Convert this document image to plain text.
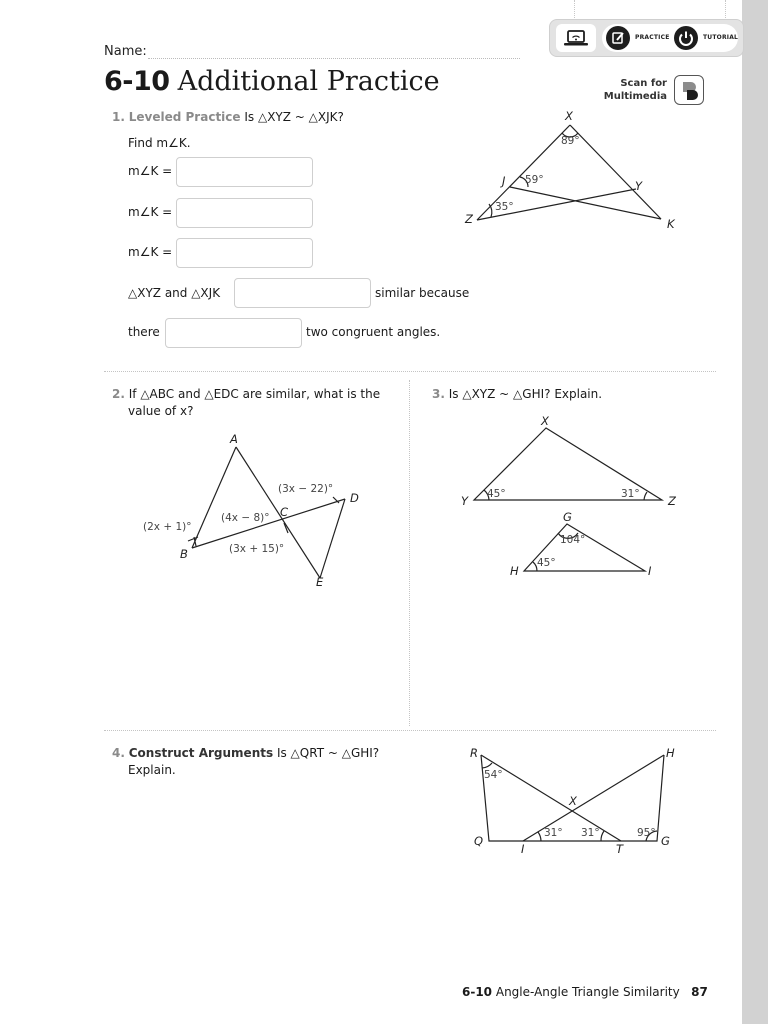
Name:
6-10 Additional Practice
PRACTICE	TUTORIAL
Scan for
Multimedia
1. Leveled Practice Is △XYZ ~ △XJK?
Find m∠K.
m∠K =
m∠K =
m∠K =
△XYZ and △XJK	similar because
there	two congruent angles.
X
J	Y
Z	K
89°
59°
35°
2. If △ABC and △EDC are similar, what is the
value of x?
A
B
C
D
E
(3x − 22)°
(2x + 1)°
(4x − 8)°
(3x + 15)°
3. Is △XYZ ~ △GHI? Explain.
X
Y	Z
G
H	I
45°	31°
104°
45°
4. Construct Arguments Is △QRT ~ △GHI?
Explain.
R	H
X
Q
I	T
G
54°
31° 31°	95°
6-10 Angle-Angle Triangle Similarity 87
